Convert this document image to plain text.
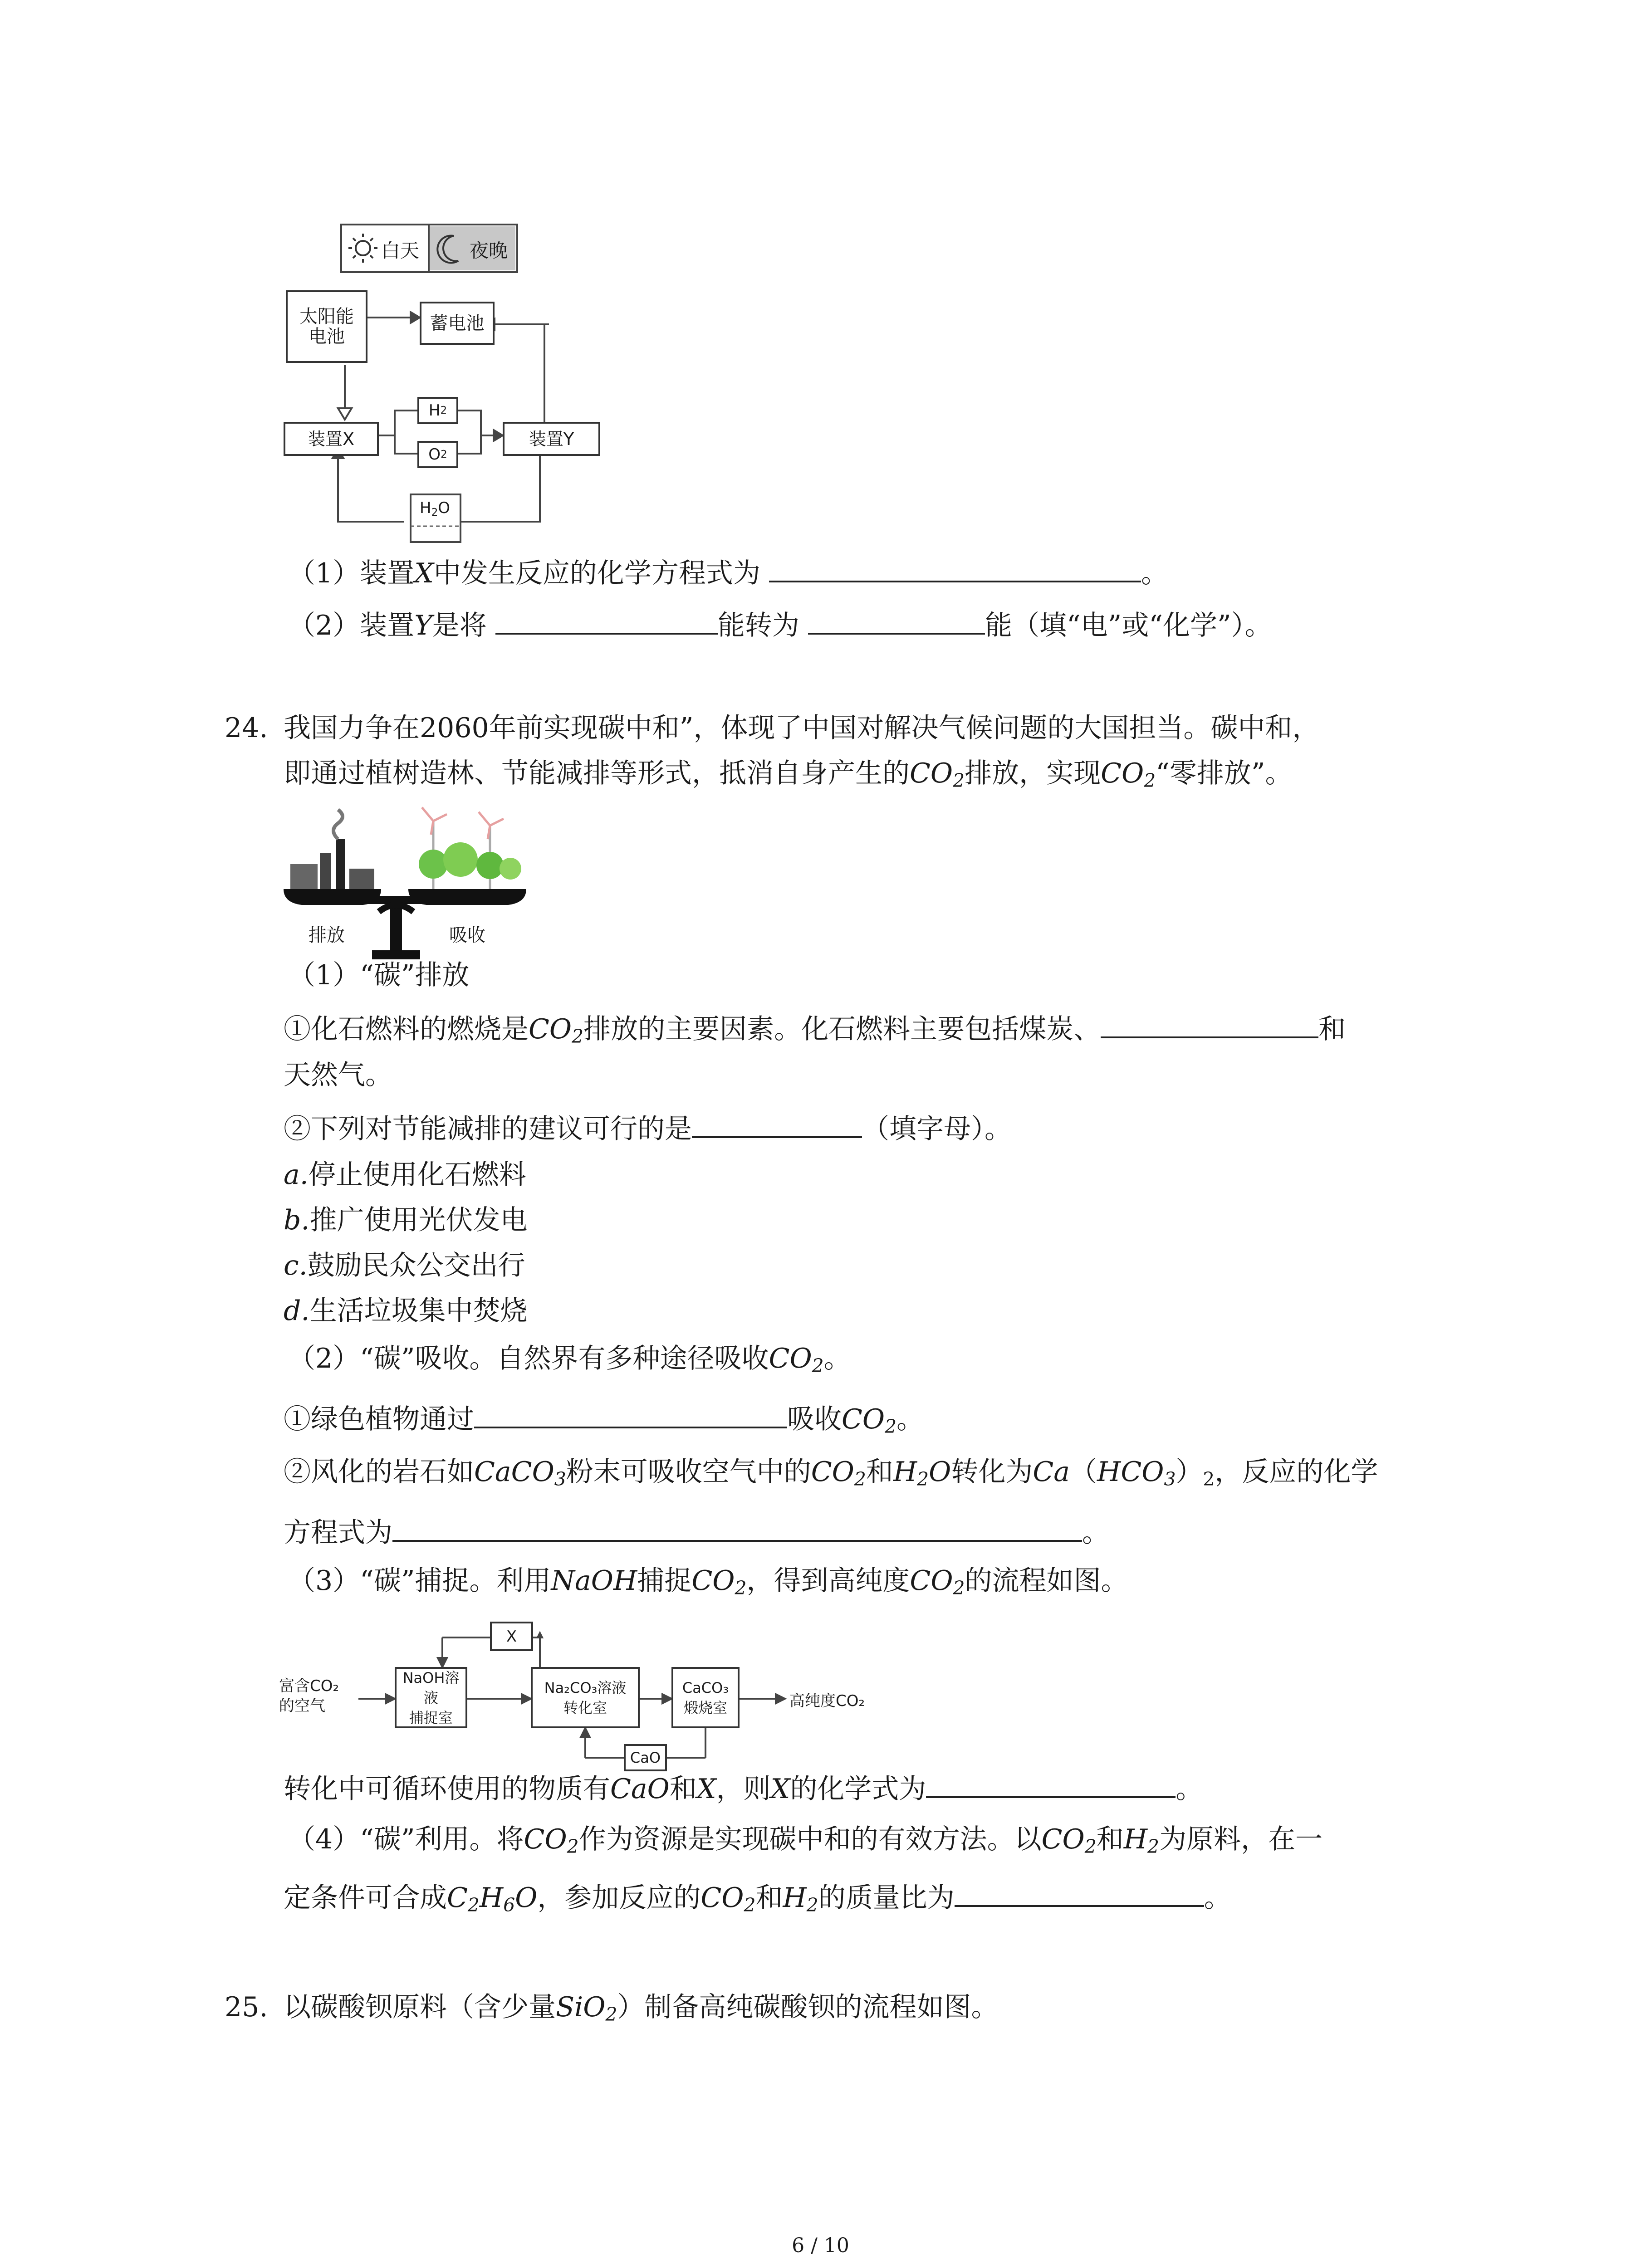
白天	夜晚
太阳能
电池
蓄电池
装置X	装置Y
H 2
O 2
$H_2O$
（1）装置X中发生反应的化学方程式为	。
（2）装置Y是将	能转为	能（填“电”或“化学”）。
24. 我国力争在2060年前实现碳中和”，体现了中国对解决气候问题的大国担当。碳中和，
即通过植树造林、节能减排等形式，抵消自身产生的$CO_2$排放，实现$CO_2“$零排放”。
排放	吸收
（1）“碳”排放
①化石燃料的燃烧是$CO_2$排放的主要因素。化石燃料主要包括煤炭、	和
天然气。
②下列对节能减排的建议可行的是	（填字母）。
a.停止使用化石燃料
b.推广使用光伏发电
c.鼓励民众公交出行
d.生活垃圾集中焚烧
（2）“碳”吸收。自然界有多种途径吸收$CO_2$。
①绿色植物通过	吸收$CO_2$。
②风化的岩石如CaCO$_3$粉末可吸收空气中的$CO_2$和$H_2O$转化为$Ca(HCO_3)_2$，反应的化学
方程式为	。
（3）“碳”捕捉。利用NaOH捕捉$CO_2$，得到高纯度$CO_2$的流程如图。
富含CO₂
的空气
NaOH溶液
捕捉室
Na₂CO₃溶液
转化室
CaCO₃
煅烧室	高纯度CO₂
X
CaO
转化中可循环使用的物质有CaO和X，则X的化学式为	。
（4）“碳”利用。将$CO_2$作为资源是实现碳中和的有效方法。以$CO_2$和$H_2$为原料，在一
定条件可合成$C_2H_6O$，参加反应的$CO_2$和$H_2$的质量比为	。
25. 以碳酸钡原料（含少量SiO$_2$）制备高纯碳酸钡的流程如图。
6 / 10
